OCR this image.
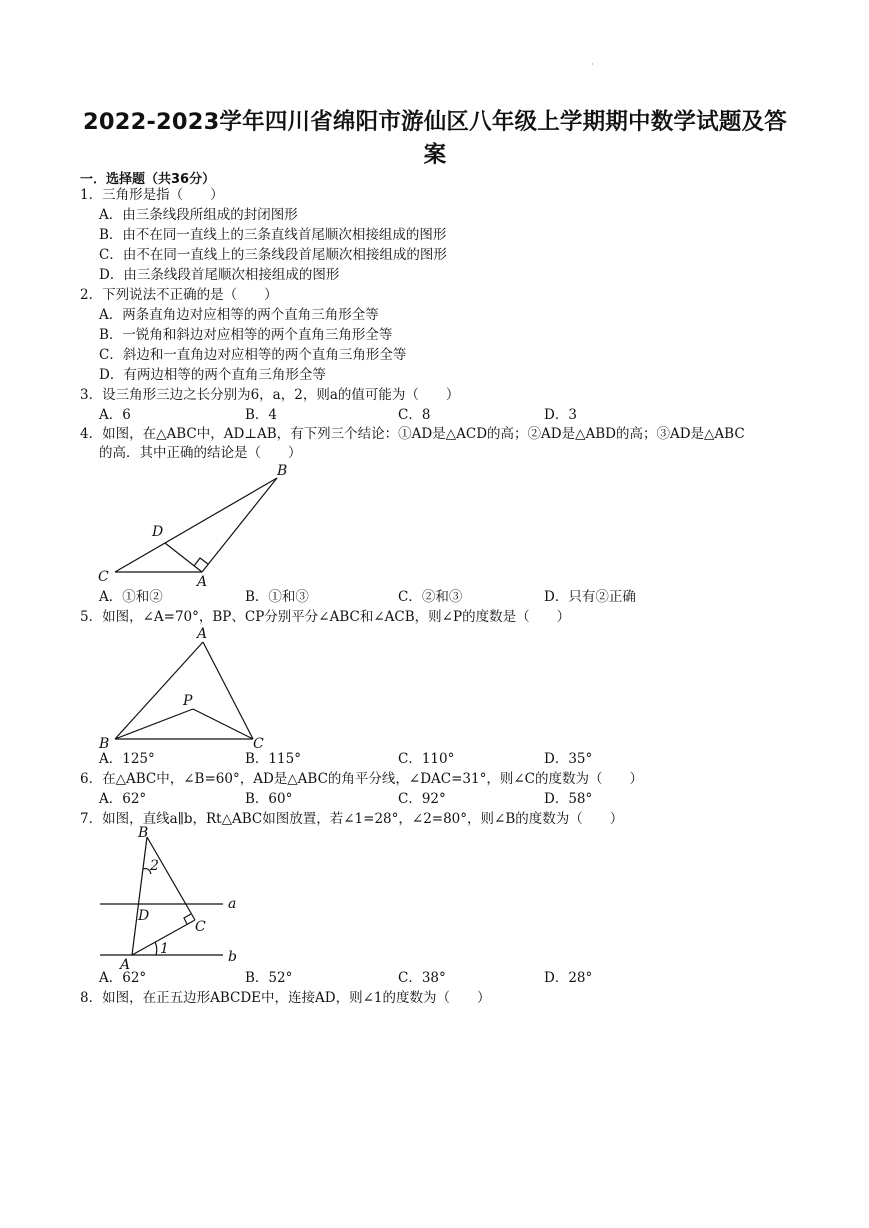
·
2022-2023学年四川省绵阳市游仙区八年级上学期期中数学试题及答
案
一．选择题（共36分）
1．三角形是指（　　）
A．由三条线段所组成的封闭图形
B．由不在同一直线上的三条直线首尾顺次相接组成的图形
C．由不在同一直线上的三条线段首尾顺次相接组成的图形
D．由三条线段首尾顺次相接组成的图形
2．下列说法不正确的是（　　）
A．两条直角边对应相等的两个直角三角形全等
B．一锐角和斜边对应相等的两个直角三角形全等
C．斜边和一直角边对应相等的两个直角三角形全等
D．有两边相等的两个直角三角形全等
3．设三角形三边之长分别为6，a，2，则a的值可能为（　　）
A．6	B．4	C．8	D．3
4．如图，在△ABC中，AD⊥AB，有下列三个结论：①AD是△ACD的高；②AD是△ABD的高；③AD是△ABC
的高．其中正确的结论是（　　）
B
D
C	A
A．①和②	B．①和③	C．②和③	D．只有②正确
5．如图，∠A=70°，BP、CP分别平分∠ABC和∠ACB，则∠P的度数是（　　）
A
P
B	C
A．125°	B．115°	C．110°	D．35°
6．在△ABC中，∠B=60°，AD是△ABC的角平分线，∠DAC=31°，则∠C的度数为（　　）
A．62°	B．60°	C．92°	D．58°
7．如图，直线a∥b，Rt△ABC如图放置，若∠1=28°，∠2=80°，则∠B的度数为（　　）
B
2
a
D
C
1	b
A
A．62°	B．52°	C．38°	D．28°
8．如图，在正五边形ABCDE中，连接AD，则∠1的度数为（　　）
